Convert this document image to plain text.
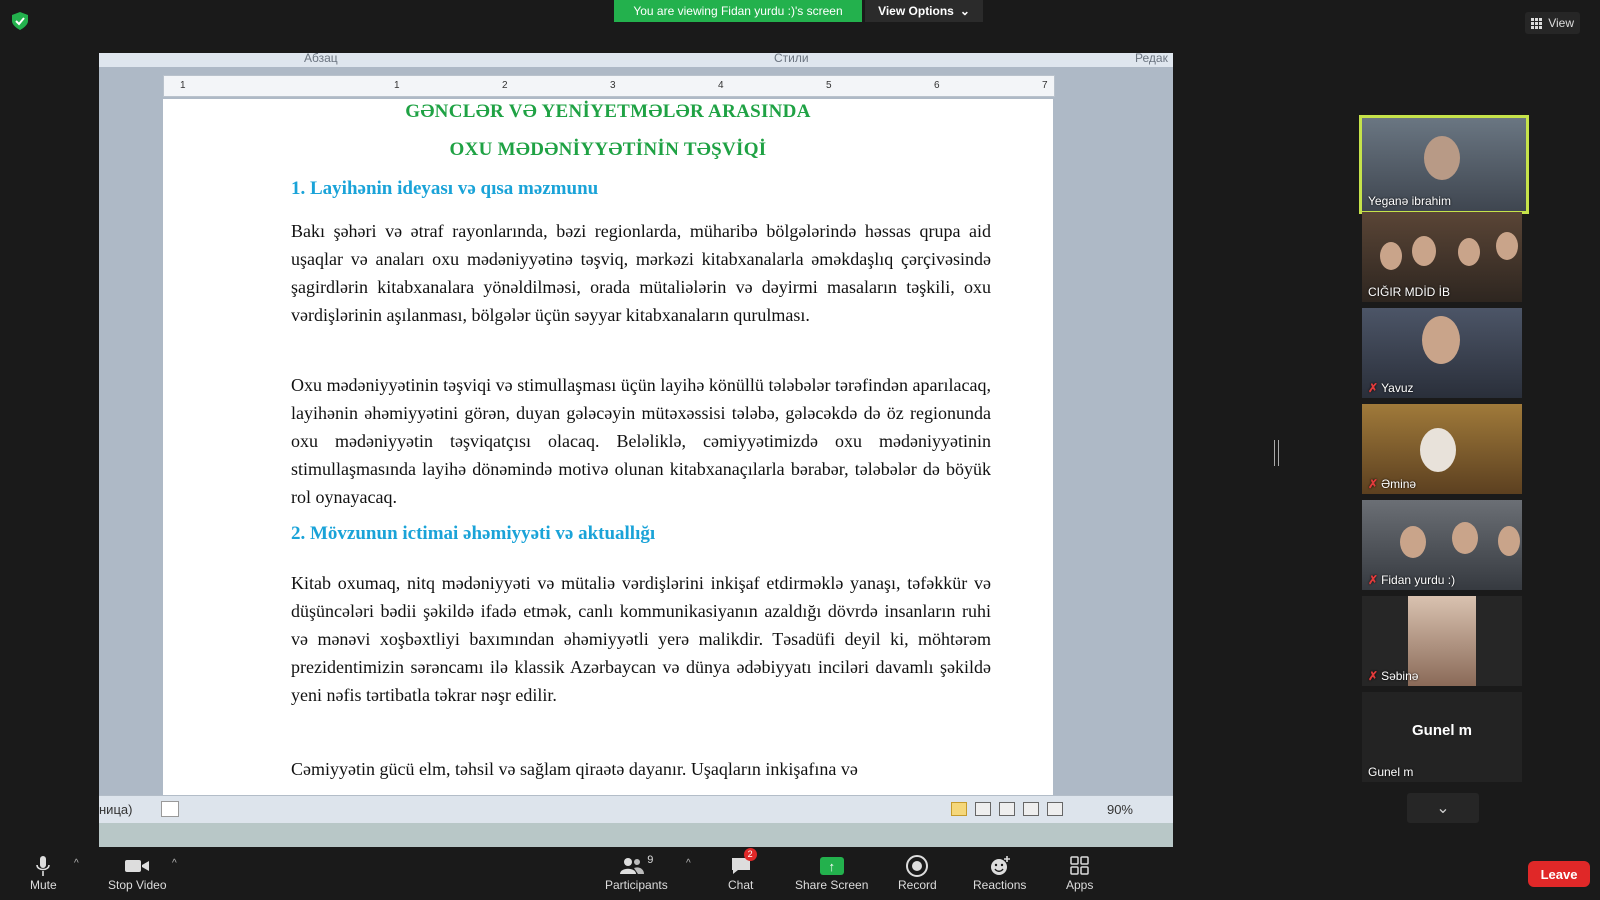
You are viewing Fidan yurdu :)'s screen	View Options ⌄
View
Абзац	Стили	Редак
1	1	2	3	4	5	6	7
GƏNCLƏR VƏ YENİYETMƏLƏR ARASINDA
OXU MƏDƏNİYYƏTİNİN TƏŞVİQİ
1. Layihənin ideyası və qısa məzmunu
Bakı şəhəri və ətraf rayonlarında, bəzi regionlarda, müharibə bölgələrində həssas qrupa aid uşaqlar və anaları oxu mədəniyyətinə təşviq, mərkəzi kitabxanalarla əməkdaşlıq çərçivəsində şagirdlərin kitabxanalara yönəldilməsi, orada mütaliələrin və dəyirmi masaların təşkili, oxu vərdişlərinin aşılanması, bölgələr üçün səyyar kitabxanaların qurulması.
Oxu mədəniyyətinin təşviqi və stimullaşması üçün layihə könüllü tələbələr tərəfindən aparılacaq, layihənin əhəmiyyətini görən, duyan gələcəyin mütəxəssisi tələbə, gələcəkdə də öz regionunda oxu mədəniyyətin təşviqatçısı olacaq. Beləliklə, cəmiyyətimizdə oxu mədəniyyətinin stimullaşmasında layihə dönəmində motivə olunan kitabxanaçılarla bərabər, tələbələr də böyük rol oynayacaq.
2. Mövzunun ictimai əhəmiyyəti və aktuallığı
Kitab oxumaq, nitq mədəniyyəti və mütaliə vərdişlərini inkişaf etdirməklə yanaşı, təfəkkür və düşüncələri bədii şəkildə ifadə etmək, canlı kommunikasiyanın azaldığı dövrdə insanların ruhi və mənəvi xoşbəxtliyi baxımından əhəmiyyətli yerə malikdir. Təsadüfi deyil ki, möhtərəm prezidentimizin sərəncamı ilə klassik Azərbaycan və dünya ədəbiyyatı inciləri davamlı şəkildə yeni nəfis tərtibatla təkrar nəşr edilir.
Cəmiyyətin gücü elm, təhsil və sağlam qiraətə dayanır. Uşaqların inkişafına və
ница)	90%
Yeganə ibrahim
CIĞIR MDİD İB
✗ Yavuz
✗ Əminə
✗ Fidan yurdu :)
✗ Səbinə
Gunel m
Gunel m
⌄
Mute
^
Stop Video
^	9
Participants
^
2
Chat
↑
Share Screen Record	Reactions	Apps
Leave
